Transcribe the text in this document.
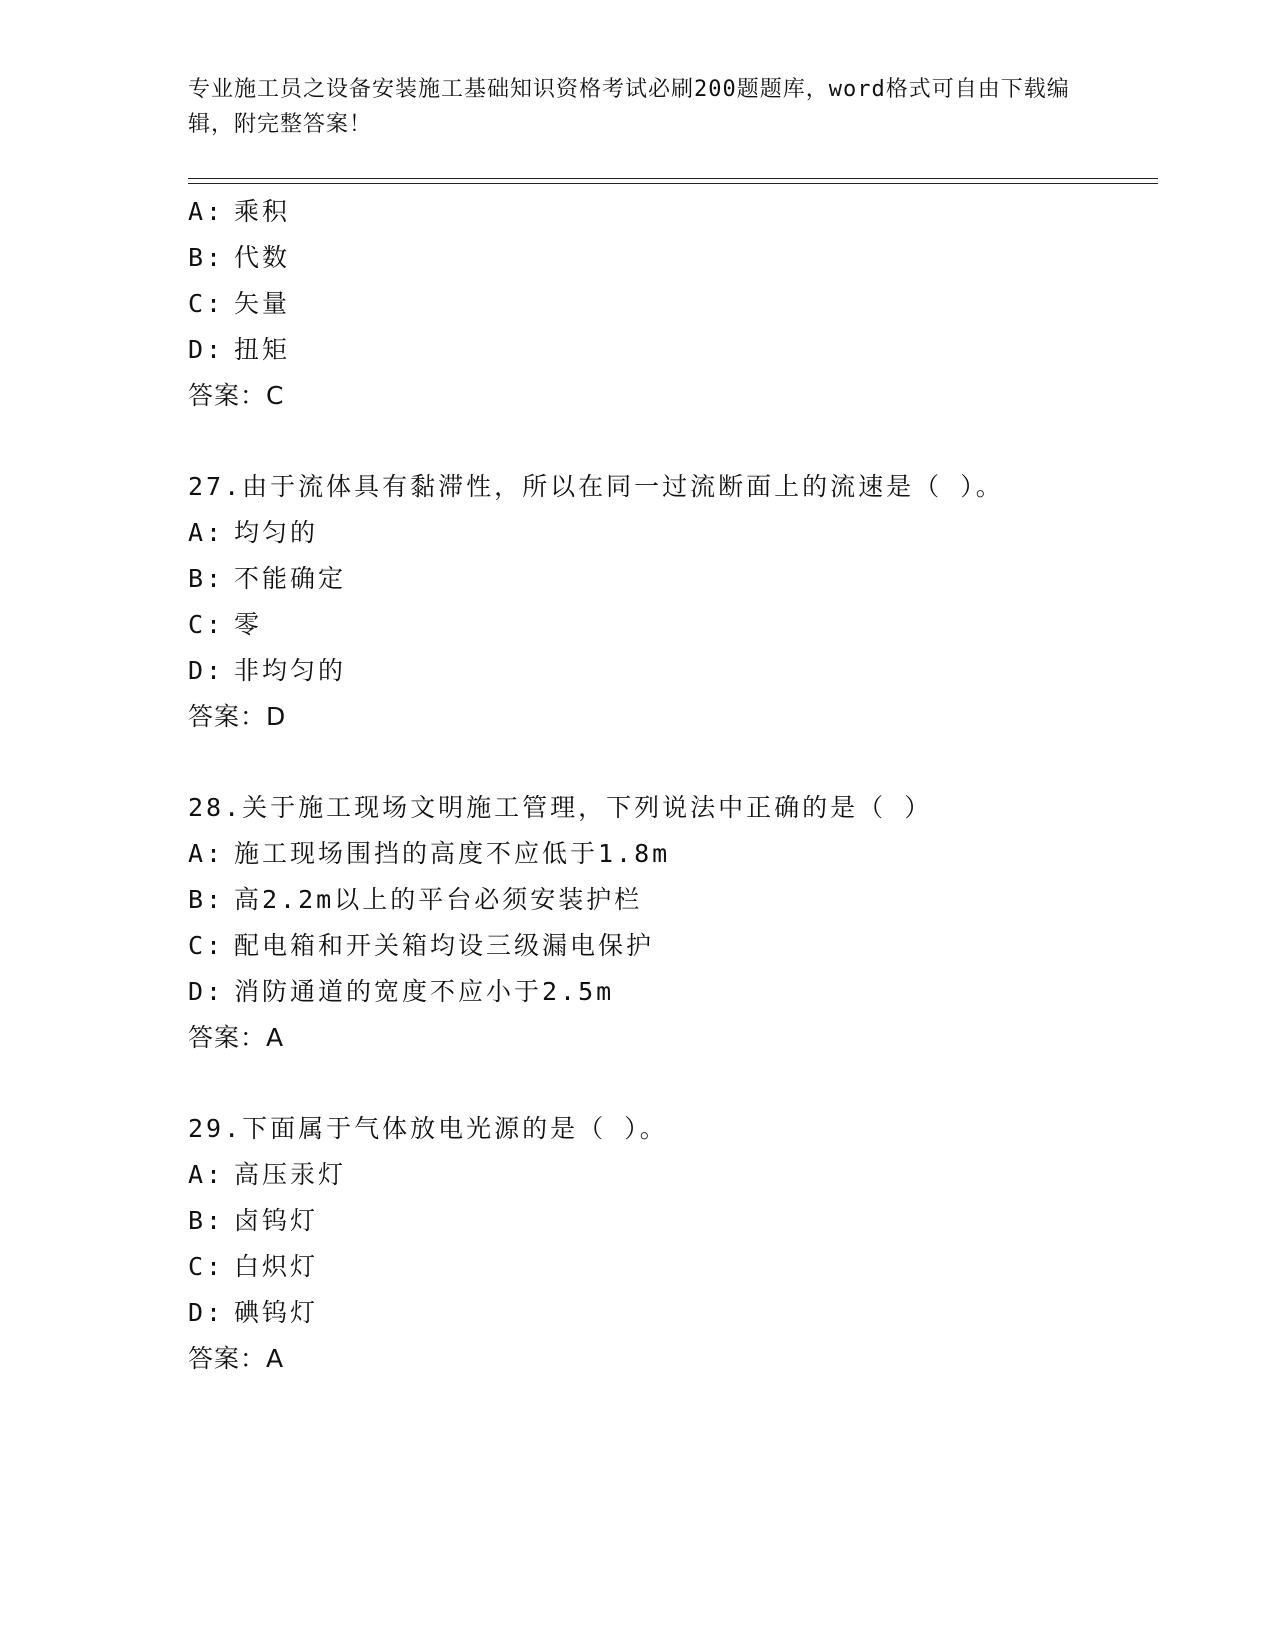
专业施工员之设备安装施工基础知识资格考试必刷200题题库，word格式可自由下载编辑，附完整答案！

A: 乘积
B: 代数
C: 矢量
D: 扭矩
答案：C
27.由于流体具有黏滞性，所以在同一过流断面上的流速是（ ）。
A: 均匀的
B: 不能确定
C: 零
D: 非均匀的
答案：D
28.关于施工现场文明施工管理，下列说法中正确的是（ ）
A: 施工现场围挡的高度不应低于1.8m
B: 高2.2m以上的平台必须安装护栏
C: 配电箱和开关箱均设三级漏电保护
D: 消防通道的宽度不应小于2.5m
答案：A
29.下面属于气体放电光源的是（ ）。
A: 高压汞灯
B: 卤钨灯
C: 白炽灯
D: 碘钨灯
答案：A
